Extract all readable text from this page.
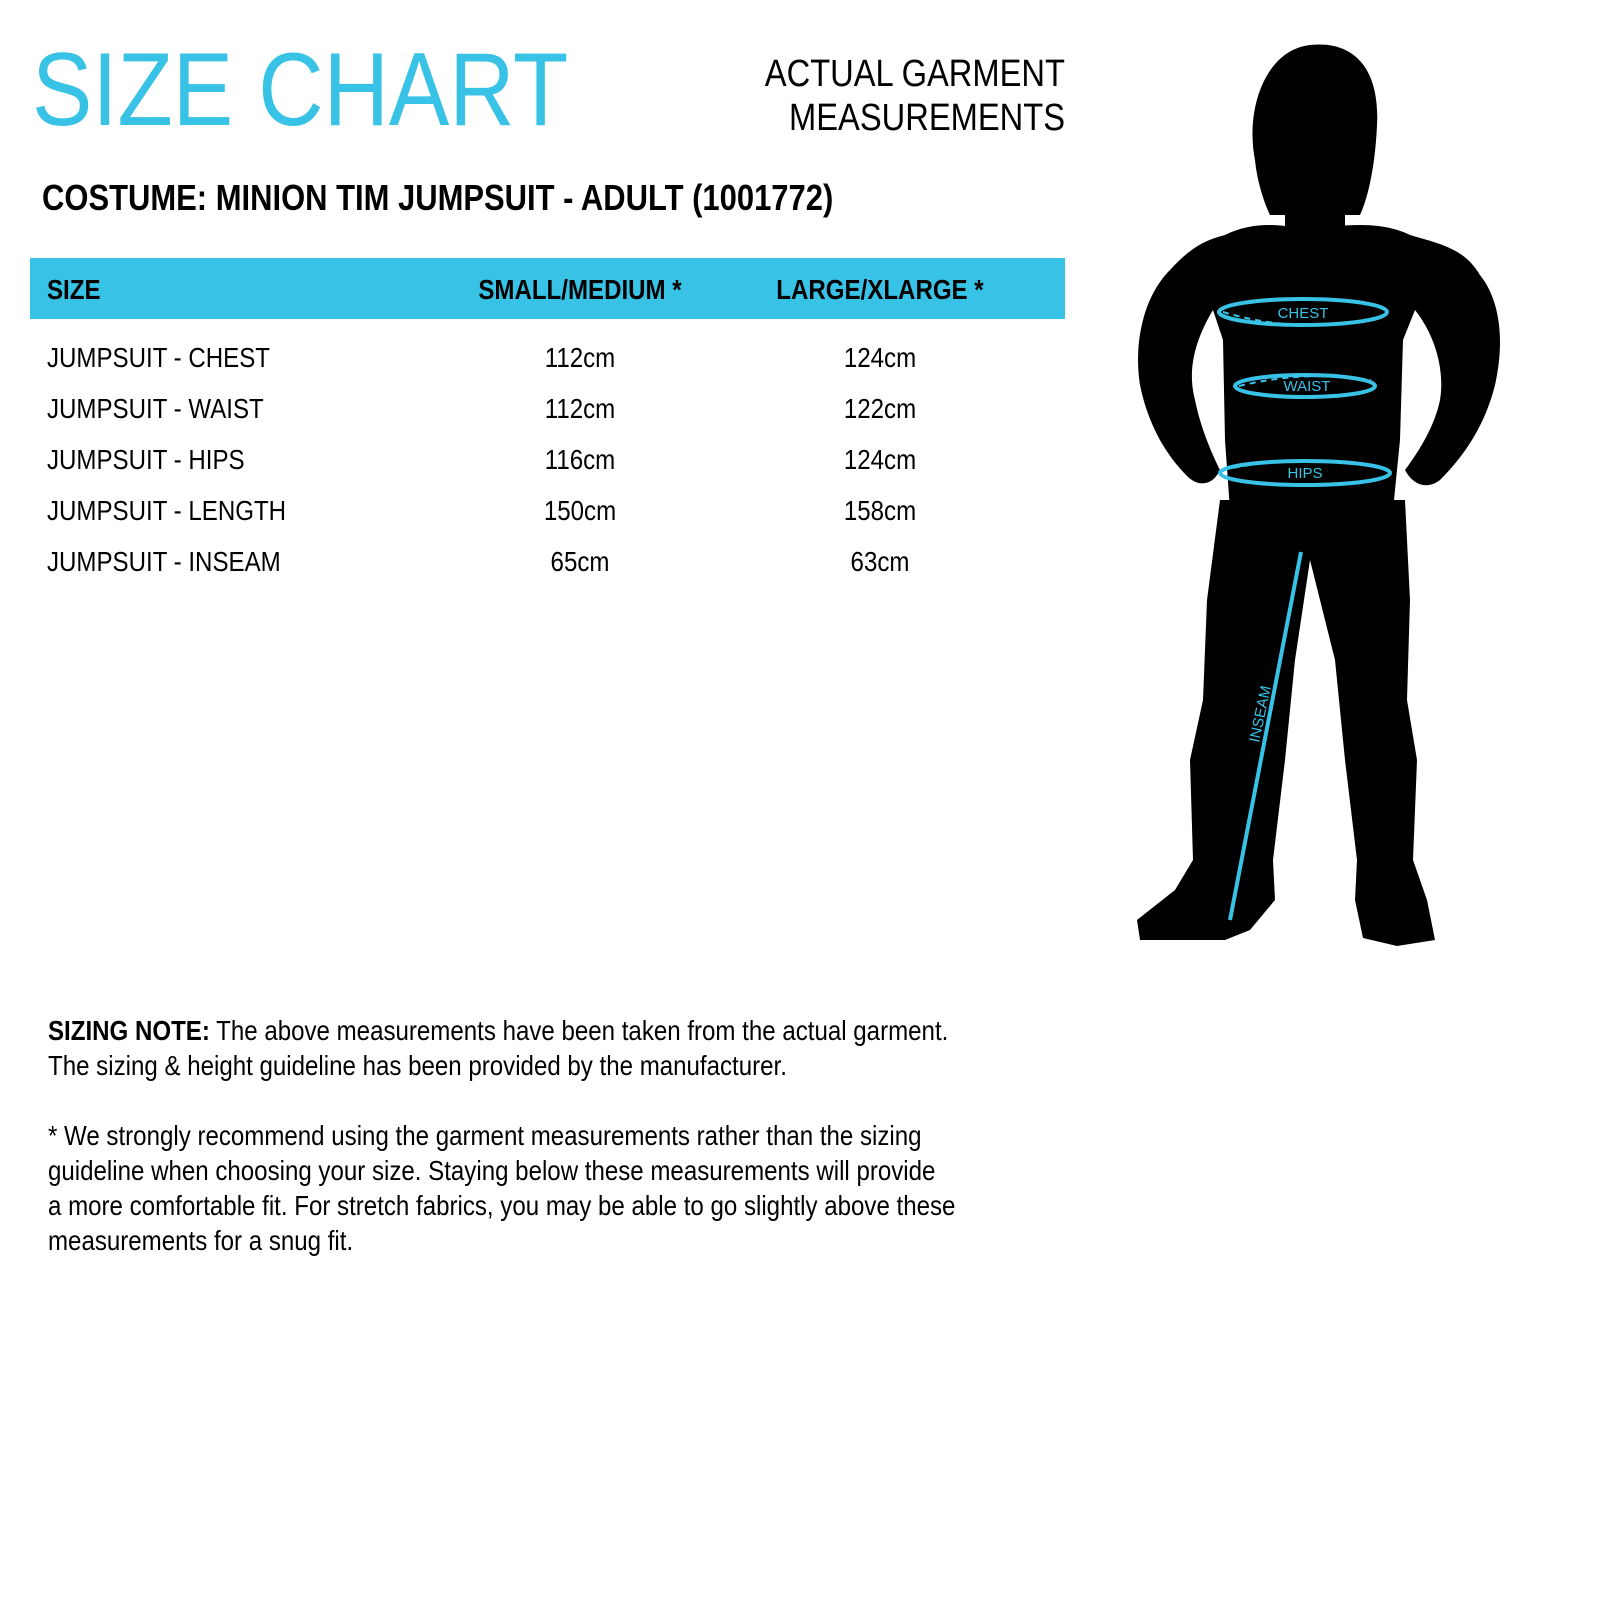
SIZE CHART	ACTUAL GARMENT
MEASUREMENTS
COSTUME: MINION TIM JUMPSUIT - ADULT (1001772)
SIZE	SMALL/MEDIUM *	LARGE/XLARGE *
JUMPSUIT - CHEST	112cm	124cm
JUMPSUIT - WAIST	112cm	122cm
JUMPSUIT - HIPS	116cm	124cm
JUMPSUIT - LENGTH	150cm	158cm
JUMPSUIT - INSEAM	65cm	63cm
CHEST
WAIST
HIPS
INSEAM

SIZING NOTE: The above measurements have been taken from the actual garment.

The sizing & height guideline has been provided by the manufacturer.

* We strongly recommend using the garment measurements rather than the sizing

guideline when choosing your size. Staying below these measurements will provide

a more comfortable fit. For stretch fabrics, you may be able to go slightly above these

measurements for a snug fit.
